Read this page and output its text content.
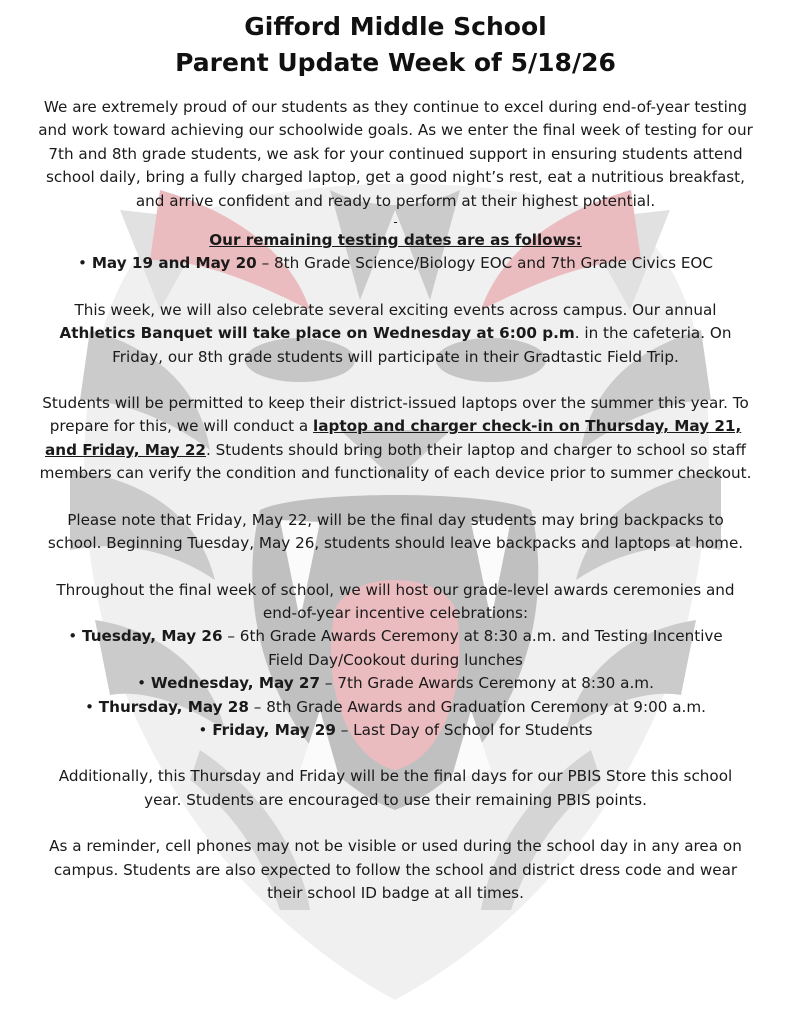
Gifford Middle School
Parent Update Week of 5/18/26

We are extremely proud of our students as they continue to excel during end-of-year testing and work toward achieving our schoolwide goals. As we enter the final week of testing for our 7th and 8th grade students, we ask for your continued support in ensuring students attend school daily, bring a fully charged laptop, get a good night’s rest, eat a nutritious breakfast, and arrive confident and ready to perform at their highest potential.

-
Our remaining testing dates are as follows:
• May 19 and May 20 – 8th Grade Science/Biology EOC and 7th Grade Civics EOC

This week, we will also celebrate several exciting events across campus. Our annual Athletics Banquet will take place on Wednesday at 6:00 p.m. in the cafeteria. On Friday, our 8th grade students will participate in their Gradtastic Field Trip.

Students will be permitted to keep their district-issued laptops over the summer this year. To prepare for this, we will conduct a laptop and charger check-in on Thursday, May 21, and Friday, May 22. Students should bring both their laptop and charger to school so staff members can verify the condition and functionality of each device prior to summer checkout.

Please note that Friday, May 22, will be the final day students may bring backpacks to school. Beginning Tuesday, May 26, students should leave backpacks and laptops at home.

Throughout the final week of school, we will host our grade-level awards ceremonies and end-of-year incentive celebrations:

• Tuesday, May 26 – 6th Grade Awards Ceremony at 8:30 a.m. and Testing Incentive Field Day/Cookout during lunches
• Wednesday, May 27 – 7th Grade Awards Ceremony at 8:30 a.m.
• Thursday, May 28 – 8th Grade Awards and Graduation Ceremony at 9:00 a.m.
• Friday, May 29 – Last Day of School for Students

Additionally, this Thursday and Friday will be the final days for our PBIS Store this school year. Students are encouraged to use their remaining PBIS points.

As a reminder, cell phones may not be visible or used during the school day in any area on campus. Students are also expected to follow the school and district dress code and wear their school ID badge at all times.
